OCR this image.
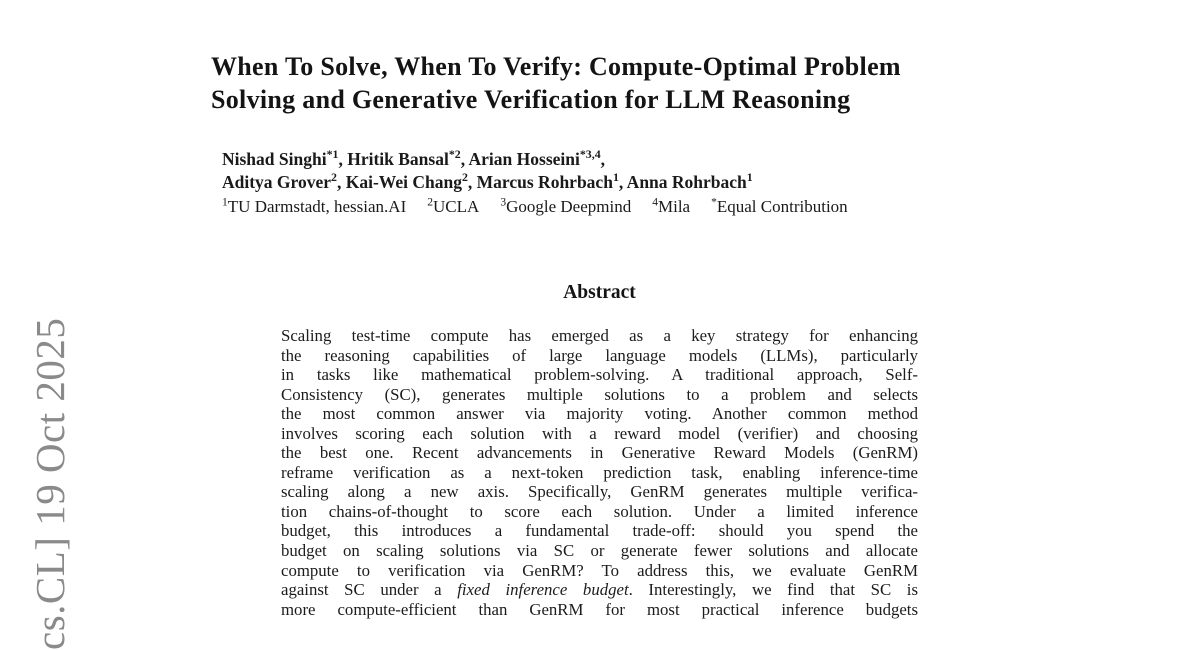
cs.CL] 19 Oct 2025
When To Solve, When To Verify: Compute-Optimal Problem
Solving and Generative Verification for LLM Reasoning
Nishad Singhi$^{*1}$, Hritik Bansal$^{*2}$, Arian Hosseini$^{*3,4}$,
Aditya Grover$^2$, Kai-Wei Chang$^2$, Marcus Rohrbach$^1$, Anna Rohrbach$^1$
$^1$TU Darmstadt, hessian.AI $^2$UCLA $^3$Google Deepmind $^4$Mila *Equal Contribution
Abstract
Scaling test-time compute has emerged as a key strategy for enhancing
the reasoning capabilities of large language models (LLMs), particularly
in tasks like mathematical problem-solving. A traditional approach, Self-
Consistency (SC), generates multiple solutions to a problem and selects
the most common answer via majority voting. Another common method
involves scoring each solution with a reward model (verifier) and choosing
the best one. Recent advancements in Generative Reward Models (GenRM)
reframe verification as a next-token prediction task, enabling inference-time
scaling along a new axis. Specifically, GenRM generates multiple verifica-
tion chains-of-thought to score each solution. Under a limited inference
budget, this introduces a fundamental trade-off: should you spend the
budget on scaling solutions via SC or generate fewer solutions and allocate
compute to verification via GenRM? To address this, we evaluate GenRM
against SC under a fixed inference budget. Interestingly, we find that SC is
more compute-efficient than GenRM for most practical inference budgets
